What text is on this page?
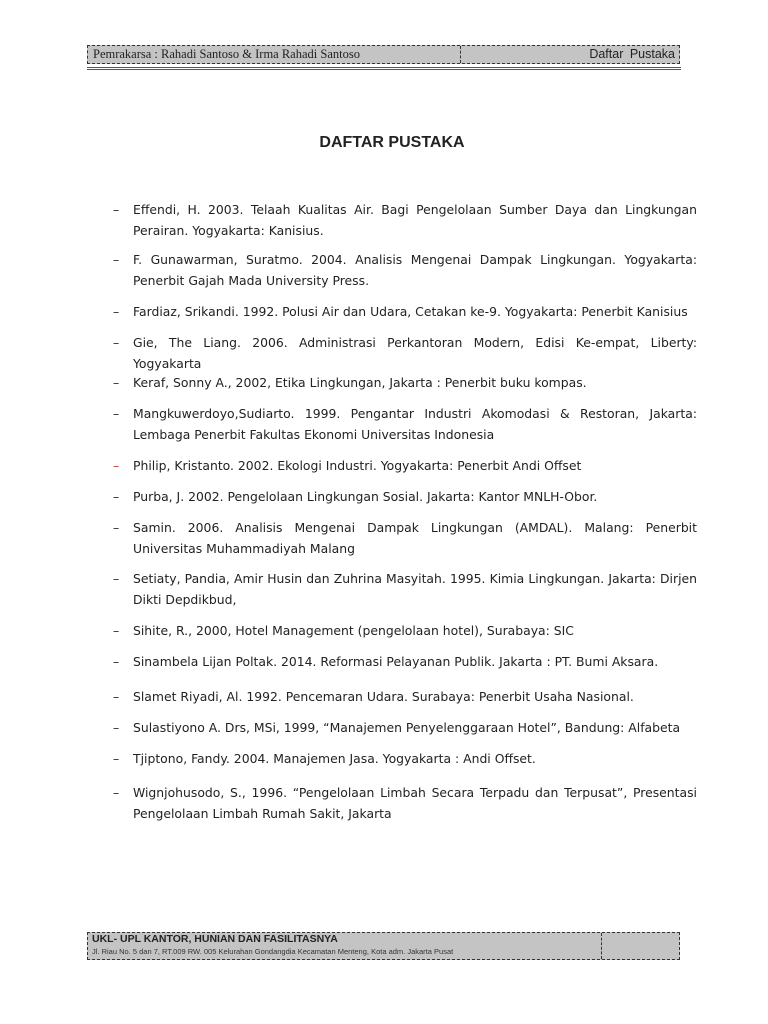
Pemrakarsa : Rahadi Santoso & Irma Rahadi Santoso	Daftar Pustaka
DAFTAR PUSTAKA
–	Effendi, H. 2003. Telaah Kualitas Air. Bagi Pengelolaan Sumber Daya dan Lingkungan Perairan. Yogyakarta: Kanisius.
–	F. Gunawarman, Suratmo. 2004. Analisis Mengenai Dampak Lingkungan. Yogyakarta: Penerbit Gajah Mada University Press.
–	Fardiaz, Srikandi. 1992. Polusi Air dan Udara, Cetakan ke-9. Yogyakarta: Penerbit Kanisius
–	Gie, The Liang. 2006. Administrasi Perkantoran Modern, Edisi Ke-empat, Liberty: Yogyakarta
–	Keraf, Sonny A., 2002, Etika Lingkungan, Jakarta : Penerbit buku kompas.
–	Mangkuwerdoyo,Sudiarto. 1999. Pengantar Industri Akomodasi & Restoran, Jakarta: Lembaga Penerbit Fakultas Ekonomi Universitas Indonesia
–	Philip, Kristanto. 2002. Ekologi Industri. Yogyakarta: Penerbit Andi Offset
–	Purba, J. 2002. Pengelolaan Lingkungan Sosial. Jakarta: Kantor MNLH-Obor.
–	Samin. 2006. Analisis Mengenai Dampak Lingkungan (AMDAL). Malang: Penerbit Universitas Muhammadiyah Malang
–	Setiaty, Pandia, Amir Husin dan Zuhrina Masyitah. 1995. Kimia Lingkungan. Jakarta: Dirjen Dikti Depdikbud,
–	Sihite, R., 2000, Hotel Management (pengelolaan hotel), Surabaya: SIC
–	Sinambela Lijan Poltak. 2014. Reformasi Pelayanan Publik. Jakarta : PT. Bumi Aksara.
–	Slamet Riyadi, Al. 1992. Pencemaran Udara. Surabaya: Penerbit Usaha Nasional.
–	Sulastiyono A. Drs, MSi, 1999, “Manajemen Penyelenggaraan Hotel”, Bandung: Alfabeta
–	Tjiptono, Fandy. 2004. Manajemen Jasa. Yogyakarta : Andi Offset.
–	Wignjohusodo, S., 1996. “Pengelolaan Limbah Secara Terpadu dan Terpusat”, Presentasi Pengelolaan Limbah Rumah Sakit, Jakarta
UKL- UPL KANTOR, HUNIAN DAN FASILITASNYA
Jl. Riau No. 5 dan 7, RT.009 RW. 005 Kelurahan Gondangdia Kecamatan Menteng, Kota adm. Jakarta Pusat
